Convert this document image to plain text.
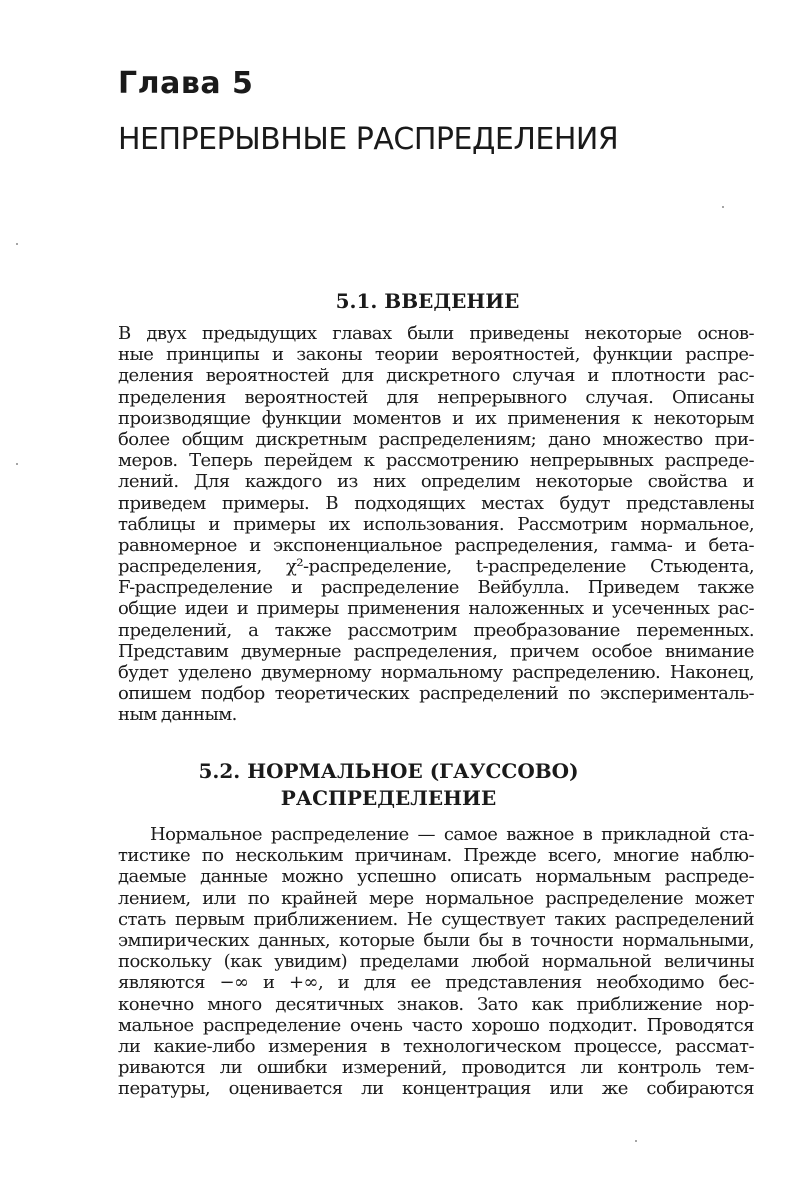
Глава 5
НЕПРЕРЫВНЫЕ РАСПРЕДЕЛЕНИЯ
5.1. ВВЕДЕНИЕ
В двух предыдущих главах были приведены некоторые основ-
ные принципы и законы теории вероятностей, функции распре-
деления вероятностей для дискретного случая и плотности рас-
пределения вероятностей для непрерывного случая. Описаны
производящие функции моментов и их применения к некоторым
более общим дискретным распределениям; дано множество при-
меров. Теперь перейдем к рассмотрению непрерывных распреде-
лений. Для каждого из них определим некоторые свойства и
приведем примеры. В подходящих местах будут представлены
таблицы и примеры их использования. Рассмотрим нормальное,
равномерное и экспоненциальное распределения, гамма- и бета-
распределения, χ²-распределение, t-распределение Стьюдента,
F-распределение и распределение Вейбулла. Приведем также
общие идеи и примеры применения наложенных и усеченных рас-
пределений, а также рассмотрим преобразование переменных.
Представим двумерные распределения, причем особое внимание
будет уделено двумерному нормальному распределению. Наконец,
опишем подбор теоретических распределений по эксперименталь-
ным данным.
5.2. НОРМАЛЬНОЕ (ГАУССОВО)
РАСПРЕДЕЛЕНИЕ
Нормальное распределение — самое важное в прикладной ста-
тистике по нескольким причинам. Прежде всего, многие наблю-
даемые данные можно успешно описать нормальным распреде-
лением, или по крайней мере нормальное распределение может
стать первым приближением. Не существует таких распределений
эмпирических данных, которые были бы в точности нормальными,
поскольку (как увидим) пределами любой нормальной величины
являются −∞ и +∞, и для ее представления необходимо бес-
конечно много десятичных знаков. Зато как приближение нор-
мальное распределение очень часто хорошо подходит. Проводятся
ли какие-либо измерения в технологическом процессе, рассмат-
риваются ли ошибки измерений, проводится ли контроль тем-
пературы, оценивается ли концентрация или же собираются
